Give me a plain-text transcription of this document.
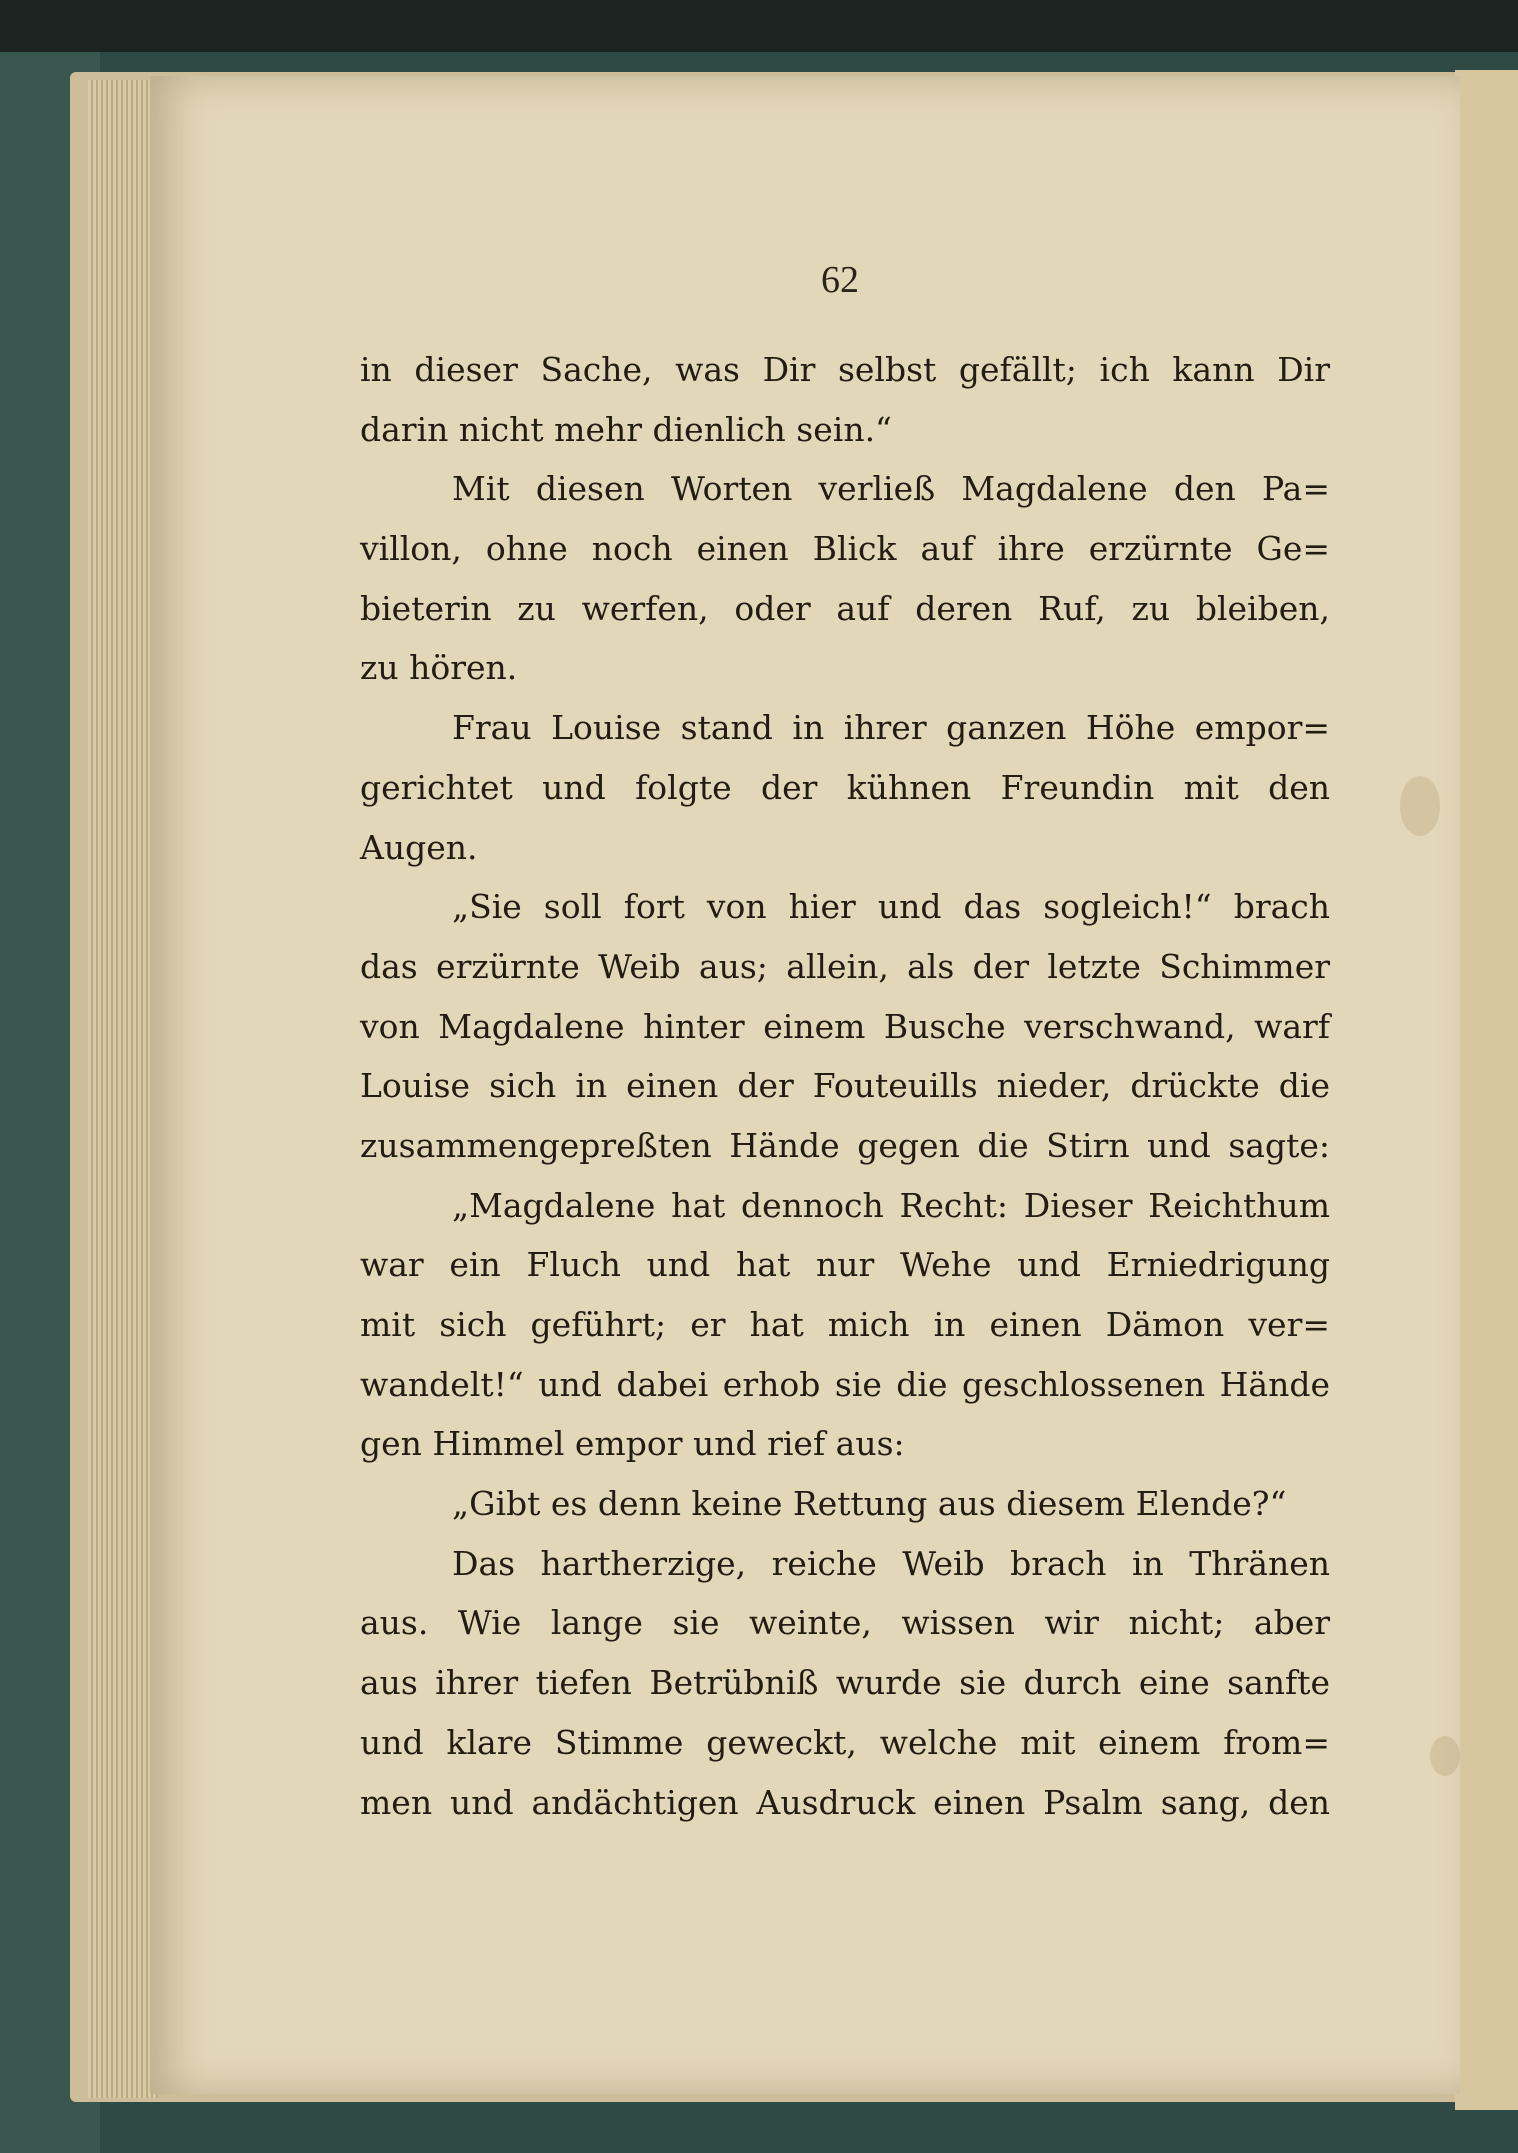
62
in dieser Sache, was Dir selbst gefällt; ich kann Dir
darin nicht mehr dienlich sein.“
Mit diesen Worten verließ Magdalene den Pa=
villon, ohne noch einen Blick auf ihre erzürnte Ge=
bieterin zu werfen, oder auf deren Ruf, zu bleiben,
zu hören.
Frau Louise stand in ihrer ganzen Höhe empor=
gerichtet und folgte der kühnen Freundin mit den
Augen.
„Sie soll fort von hier und das sogleich!“ brach
das erzürnte Weib aus; allein, als der letzte Schimmer
von Magdalene hinter einem Busche verschwand, warf
Louise sich in einen der Fouteuills nieder, drückte die
zusammengepreßten Hände gegen die Stirn und sagte:
„Magdalene hat dennoch Recht: Dieser Reichthum
war ein Fluch und hat nur Wehe und Erniedrigung
mit sich geführt; er hat mich in einen Dämon ver=
wandelt!“ und dabei erhob sie die geschlossenen Hände
gen Himmel empor und rief aus:
„Gibt es denn keine Rettung aus diesem Elende?“
Das hartherzige, reiche Weib brach in Thränen
aus. Wie lange sie weinte, wissen wir nicht; aber
aus ihrer tiefen Betrübniß wurde sie durch eine sanfte
und klare Stimme geweckt, welche mit einem from=
men und andächtigen Ausdruck einen Psalm sang, den
